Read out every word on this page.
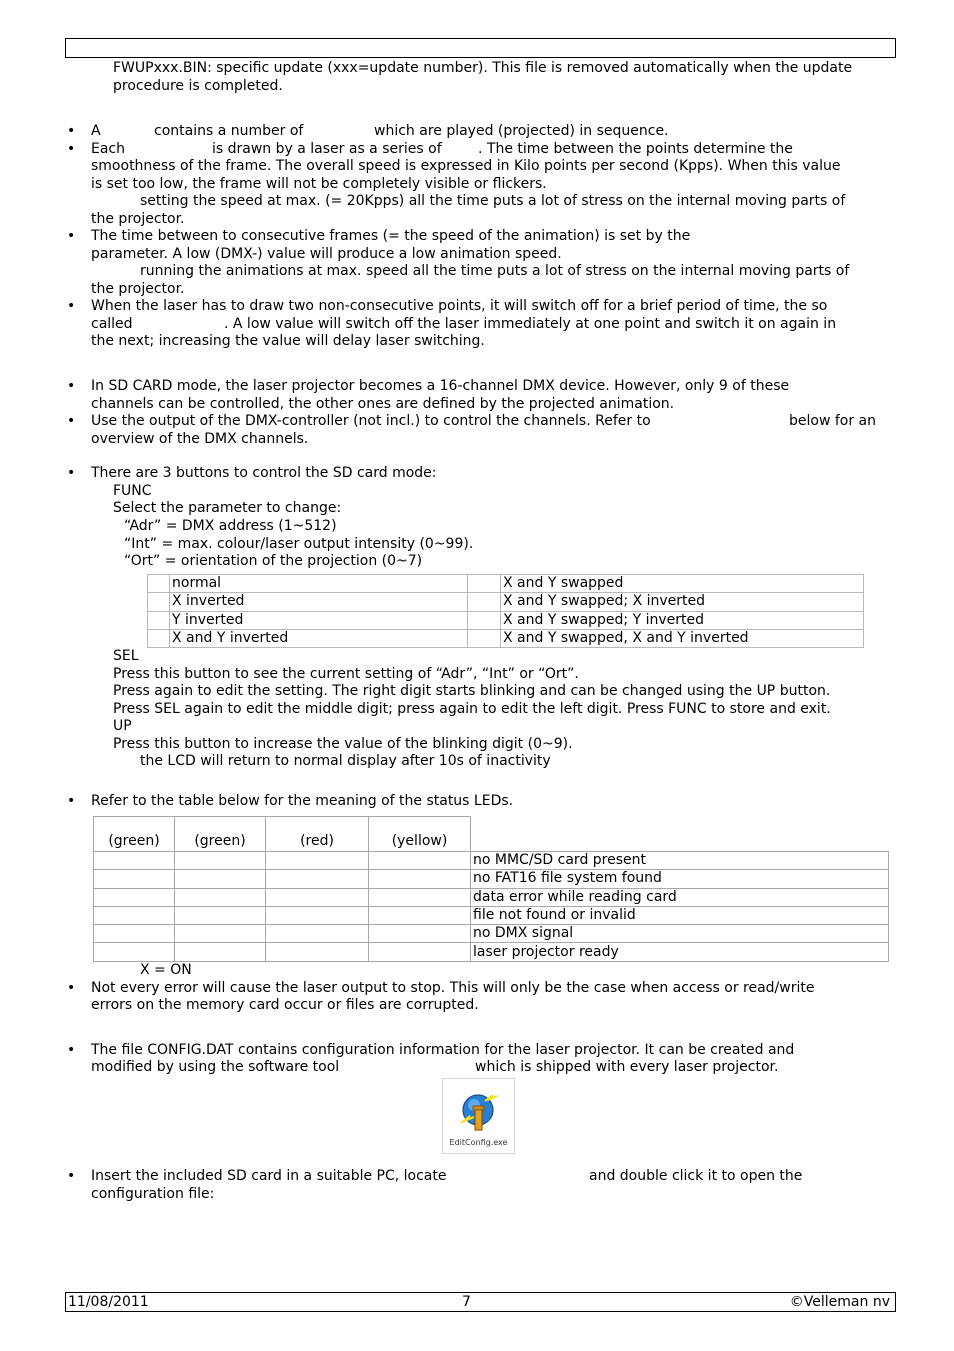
FWUPxxx.BIN: specific update (xxx=update number). This file is removed automatically when the update
procedure is completed.
• A	contains a number of	which are played (projected) in sequence.
• Each	is drawn by a laser as a series of	. The time between the points determine the
smoothness of the frame. The overall speed is expressed in Kilo points per second (Kpps). When this value
is set too low, the frame will not be completely visible or flickers.
setting the speed at max. (= 20Kpps) all the time puts a lot of stress on the internal moving parts of
the projector.
• The time between to consecutive frames (= the speed of the animation) is set by the
parameter. A low (DMX-) value will produce a low animation speed.
running the animations at max. speed all the time puts a lot of stress on the internal moving parts of
the projector.
• When the laser has to draw two non-consecutive points, it will switch off for a brief period of time, the so
called	. A low value will switch off the laser immediately at one point and switch it on again in
the next; increasing the value will delay laser switching.
• In SD CARD mode, the laser projector becomes a 16-channel DMX device. However, only 9 of these
channels can be controlled, the other ones are defined by the projected animation.
• Use the output of the DMX-controller (not incl.) to control the channels. Refer to	below for an
overview of the DMX channels.
• There are 3 buttons to control the SD card mode:
FUNC
Select the parameter to change:
“Adr” = DMX address (1~512)
“Int” = max. colour/laser output intensity (0~99).
“Ort” = orientation of the projection (0~7)
	normal		X and Y swapped
	X inverted		X and Y swapped; X inverted
	Y inverted		X and Y swapped; Y inverted
	X and Y inverted		X and Y swapped, X and Y inverted
SEL
Press this button to see the current setting of “Adr”, “Int” or “Ort”.
Press again to edit the setting. The right digit starts blinking and can be changed using the UP button.
Press SEL again to edit the middle digit; press again to edit the left digit. Press FUNC to store and exit.
UP
Press this button to increase the value of the blinking digit (0~9).
the LCD will return to normal display after 10s of inactivity
• Refer to the table below for the meaning of the status LEDs.
(green)	(green)	(red)	(yellow)	
				no MMC/SD card present
				no FAT16 file system found
				data error while reading card
				file not found or invalid
				no DMX signal
				laser projector ready
X = ON
• Not every error will cause the laser output to stop. This will only be the case when access or read/write
errors on the memory card occur or files are corrupted.
• The file CONFIG.DAT contains configuration information for the laser projector. It can be created and
modified by using the software tool	which is shipped with every laser projector.
EditConfig.exe
• Insert the included SD card in a suitable PC, locate	and double click it to open the
configuration file:
11/08/2011	7	©Velleman nv
